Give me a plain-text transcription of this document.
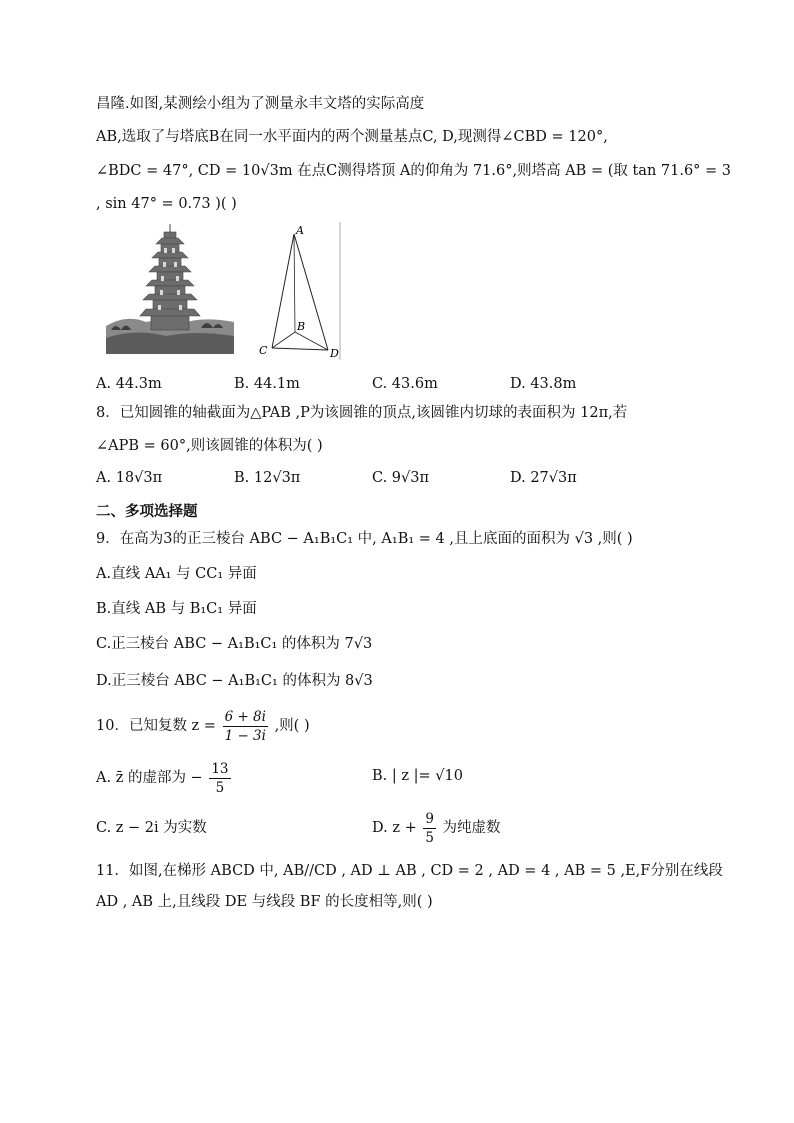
昌隆.如图,某测绘小组为了测量永丰文塔的实际高度
AB,选取了与塔底B在同一水平面内的两个测量基点C, D,现测得∠CBD = 120°,
∠BDC = 47°, CD = 10√3m 在点C测得塔顶 A的仰角为 71.6°,则塔高 AB = (取 tan 71.6° = 3
, sin 47° = 0.73 )( )
A
B
C	D
A. 44.3m	B. 44.1m	C. 43.6m	D. 43.8m
8．已知圆锥的轴截面为△PAB ,P为该圆锥的顶点,该圆锥内切球的表面积为 12π,若
∠APB = 60°,则该圆锥的体积为( )
A. 18√3π	B. 12√3π	C. 9√3π	D. 27√3π
二、多项选择题
9．在高为3的正三棱台 ABC − A₁B₁C₁ 中, A₁B₁ = 4 ,且上底面的面积为 √3 ,则( )
A.直线 AA₁ 与 CC₁ 异面
B.直线 AB 与 B₁C₁ 异面
C.正三棱台 ABC − A₁B₁C₁ 的体积为 7√3
D.正三棱台 ABC − A₁B₁C₁ 的体积为 8√3
10．已知复数 $z = \frac{6 + 8i}{1 - 3i}$ ,则( )
A. z̄ 的虚部为 − $\frac{13}{5}$	B. | z |= √10
C. z − 2i 为实数	D. $z + \frac{9}{5}$ 为纯虚数
11．如图,在梯形 ABCD 中, AB//CD , AD ⊥ AB , CD = 2 , AD = 4 , AB = 5 ,E,F分别在线段
AD , AB 上,且线段 DE 与线段 BF 的长度相等,则( )
